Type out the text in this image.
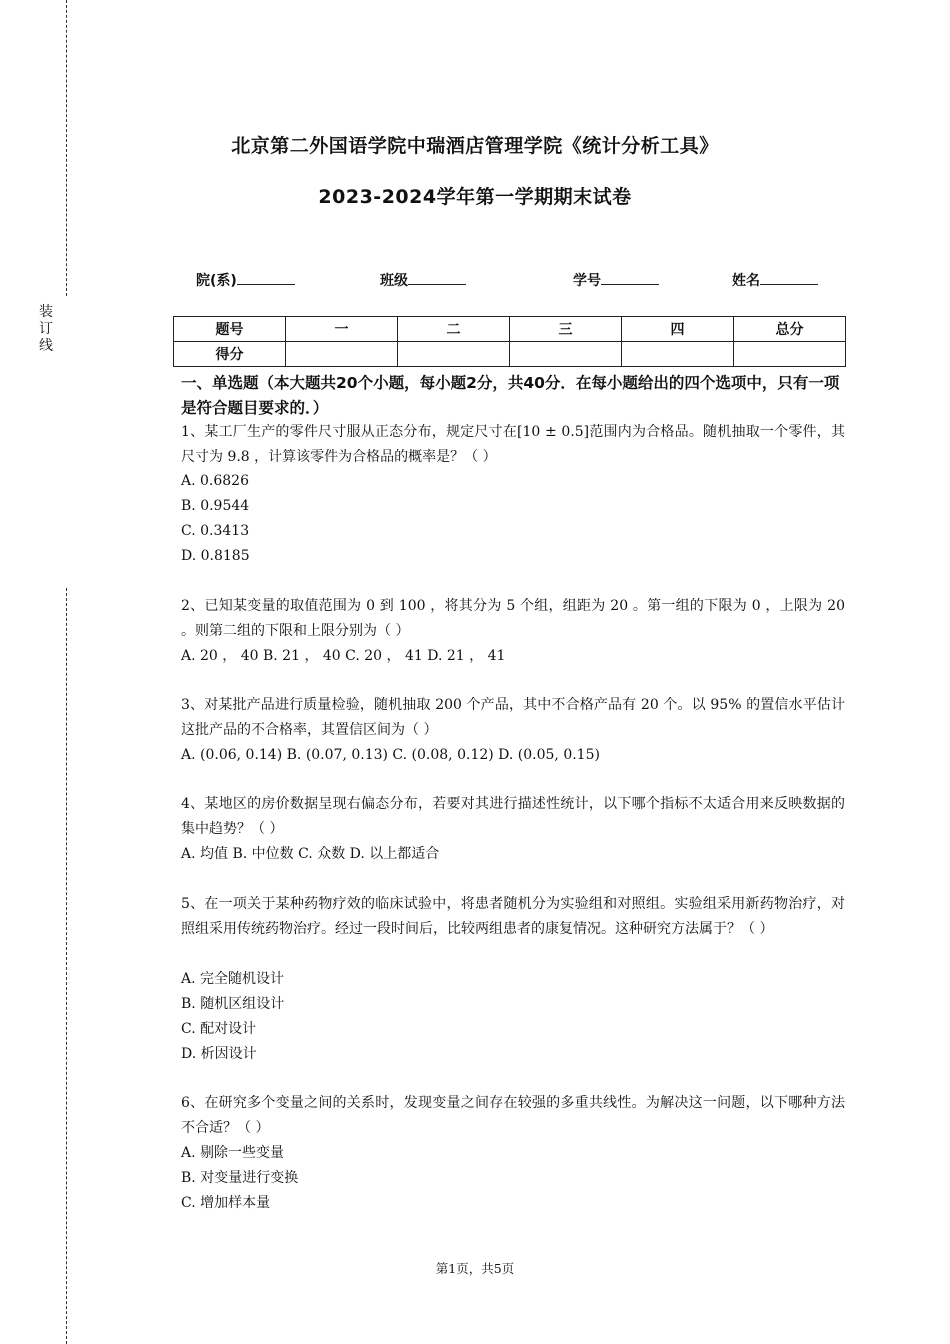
装
订
线
北京第二外国语学院中瑞酒店管理学院《统计分析工具》
2023-2024学年第一学期期末试卷
院(系)	班级	学号	姓名
题号	一	二	三	四	总分
得分					
一、单选题（本大题共20个小题，每小题2分，共40分．在每小题给出的四个选项中，只有一项是符合题目要求的．）
1、某工厂生产的零件尺寸服从正态分布，规定尺寸在[10 ± 0.5]范围内为合格品。随机抽取一个零件，其尺寸为 9.8 ，计算该零件为合格品的概率是？（ ）
A. 0.6826
B. 0.9544
C. 0.3413
D. 0.8185
2、已知某变量的取值范围为 0 到 100 ，将其分为 5 个组，组距为 20 。第一组的下限为 0 ，上限为 20 。则第二组的下限和上限分别为（ ）
A. 20 ， 40 B. 21 ， 40 C. 20 ， 41 D. 21 ， 41
3、对某批产品进行质量检验，随机抽取 200 个产品，其中不合格产品有 20 个。以 95% 的置信水平估计这批产品的不合格率，其置信区间为（ ）
A. (0.06, 0.14) B. (0.07, 0.13) C. (0.08, 0.12) D. (0.05, 0.15)
4、某地区的房价数据呈现右偏态分布，若要对其进行描述性统计，以下哪个指标不太适合用来反映数据的集中趋势？（ ）
A. 均值 B. 中位数 C. 众数 D. 以上都适合
5、在一项关于某种药物疗效的临床试验中，将患者随机分为实验组和对照组。实验组采用新药物治疗，对照组采用传统药物治疗。经过一段时间后，比较两组患者的康复情况。这种研究方法属于？（ ）
A. 完全随机设计
B. 随机区组设计
C. 配对设计
D. 析因设计
6、在研究多个变量之间的关系时，发现变量之间存在较强的多重共线性。为解决这一问题，以下哪种方法不合适？（ ）
A. 剔除一些变量
B. 对变量进行变换
C. 增加样本量
第1页，共5页
